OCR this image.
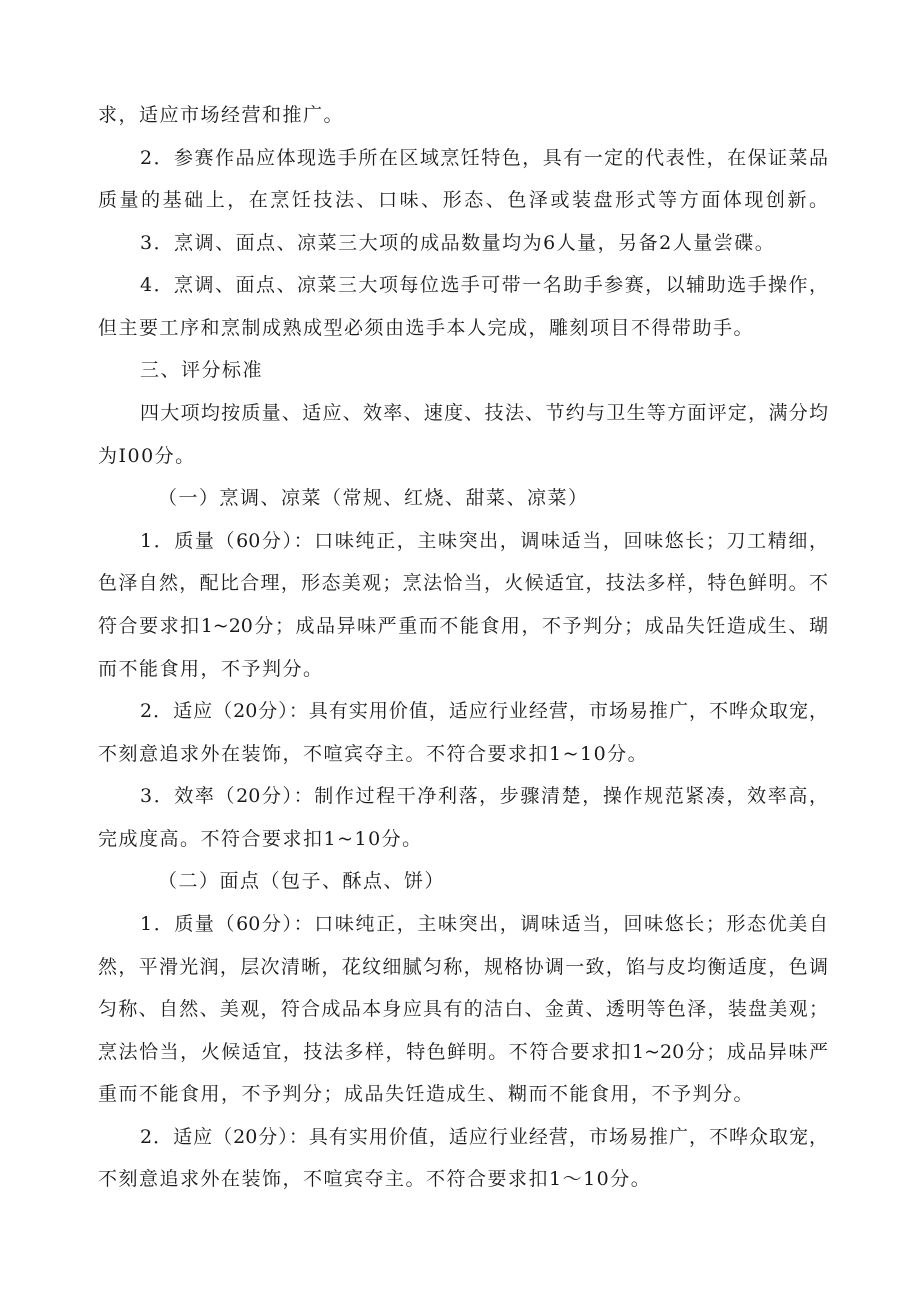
求，适应市场经营和推广。
2．参赛作品应体现选手所在区域烹饪特色，具有一定的代表性，在保证菜品
质量的基础上，在烹饪技法、口味、形态、色泽或装盘形式等方面体现创新。
3．烹调、面点、凉菜三大项的成品数量均为6人量，另备2人量尝碟。
4．烹调、面点、凉菜三大项每位选手可带一名助手参赛，以辅助选手操作，
但主要工序和烹制成熟成型必须由选手本人完成，雕刻项目不得带助手。
三、评分标准
四大项均按质量、适应、效率、速度、技法、节约与卫生等方面评定，满分均
为I00分。
（一）烹调、凉菜（常规、红烧、甜菜、凉菜）
1．质量（60分）：口味纯正，主味突出，调味适当，回味悠长；刀工精细，
色泽自然，配比合理，形态美观；烹法恰当，火候适宜，技法多样，特色鲜明。不
符合要求扣1~20分；成品异味严重而不能食用，不予判分；成品失饪造成生、瑚
而不能食用，不予判分。
2．适应（20分）：具有实用价值，适应行业经营，市场易推广，不哗众取宠，
不刻意追求外在装饰，不喧宾夺主。不符合要求扣1~10分。
3．效率（20分）：制作过程干净利落，步骤清楚，操作规范紧凑，效率高，
完成度高。不符合要求扣1~10分。
（二）面点（包子、酥点、饼）
1．质量（60分）：口味纯正，主味突出，调味适当，回味悠长；形态优美自
然，平滑光润，层次清晰，花纹细腻匀称，规格协调一致，馅与皮均衡适度，色调
匀称、自然、美观，符合成品本身应具有的洁白、金黄、透明等色泽，装盘美观；
烹法恰当，火候适宜，技法多样，特色鲜明。不符合要求扣1~20分；成品异味严
重而不能食用，不予判分；成品失饪造成生、糊而不能食用，不予判分。
2．适应（20分）：具有实用价值，适应行业经营，市场易推广，不哗众取宠，
不刻意追求外在装饰，不喧宾夺主。不符合要求扣1～10分。
